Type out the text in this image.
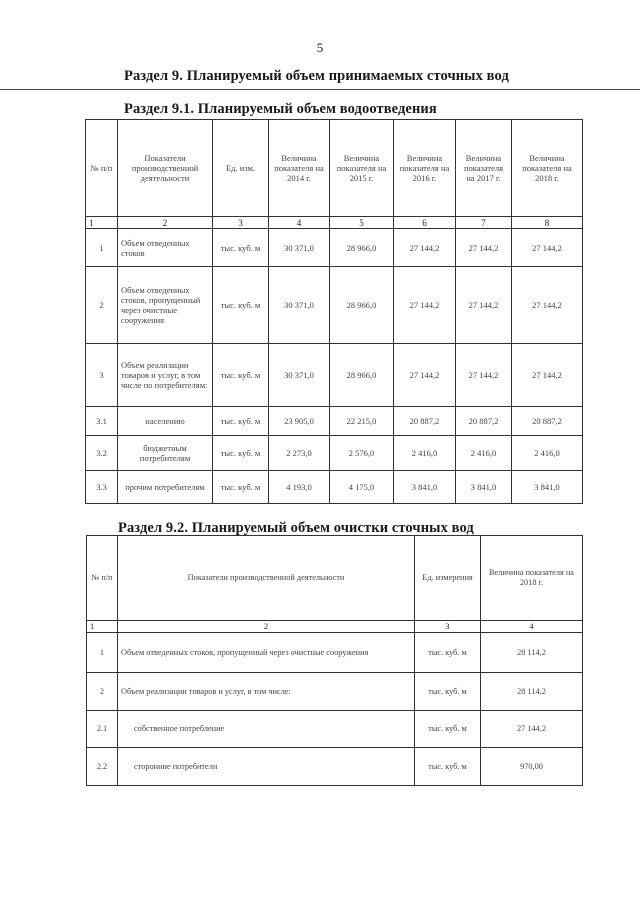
5
Раздел 9. Планируемый объем принимаемых сточных вод
Раздел 9.1. Планируемый объем водоотведения
№ п/п	Показатели производственной деятельности	Ед. изм.	Величина показателя на 2014 г.	Величина показателя на 2015 г.	Величина показателя на 2016 г.	Величина показателя на 2017 г.	Величина показателя на 2018 г.
1	2	3	4	5	6	7	8
1	Объем отведенных стоков	тыс. куб. м	30 371,0	28 966,0	27 144,2	27 144,2	27 144,2
2	Объем отведенных стоков, пропущенный через очистные сооружения	тыс. куб. м	30 371,0	28 966,0	27 144,2	27 144,2	27 144,2
3	Объем реализации товаров и услуг, в том числе по потребителям:	тыс. куб. м	30 371,0	28 966,0	27 144,2	27 144,2	27 144,2
3.1	населению	тыс. куб. м	23 905,0	22 215,0	20 887,2	20 887,2	20 887,2
3.2	бюджетным потребителям	тыс. куб. м	2 273,0	2 576,0	2 416,0	2 416,0	2 416,0
3.3	прочим потребителям	тыс. куб. м	4 193,0	4 175,0	3 841,0	3 841,0	3 841,0
Раздел 9.2. Планируемый объем очистки сточных вод
№ п/п	Показатели производственной деятельности	Ед. измерения	Величина показателя на 2018 г.
1	2	3	4
1	Объем отведенных стоков, пропущенный через очистные сооружения	тыс. куб. м	28 114,2
2	Объем реализации товаров и услуг, в том числе:	тыс. куб. м	28 114,2
2.1	собственное потребление	тыс. куб. м	27 144,2
2.2	сторонние потребители	тыс. куб. м	970,00
